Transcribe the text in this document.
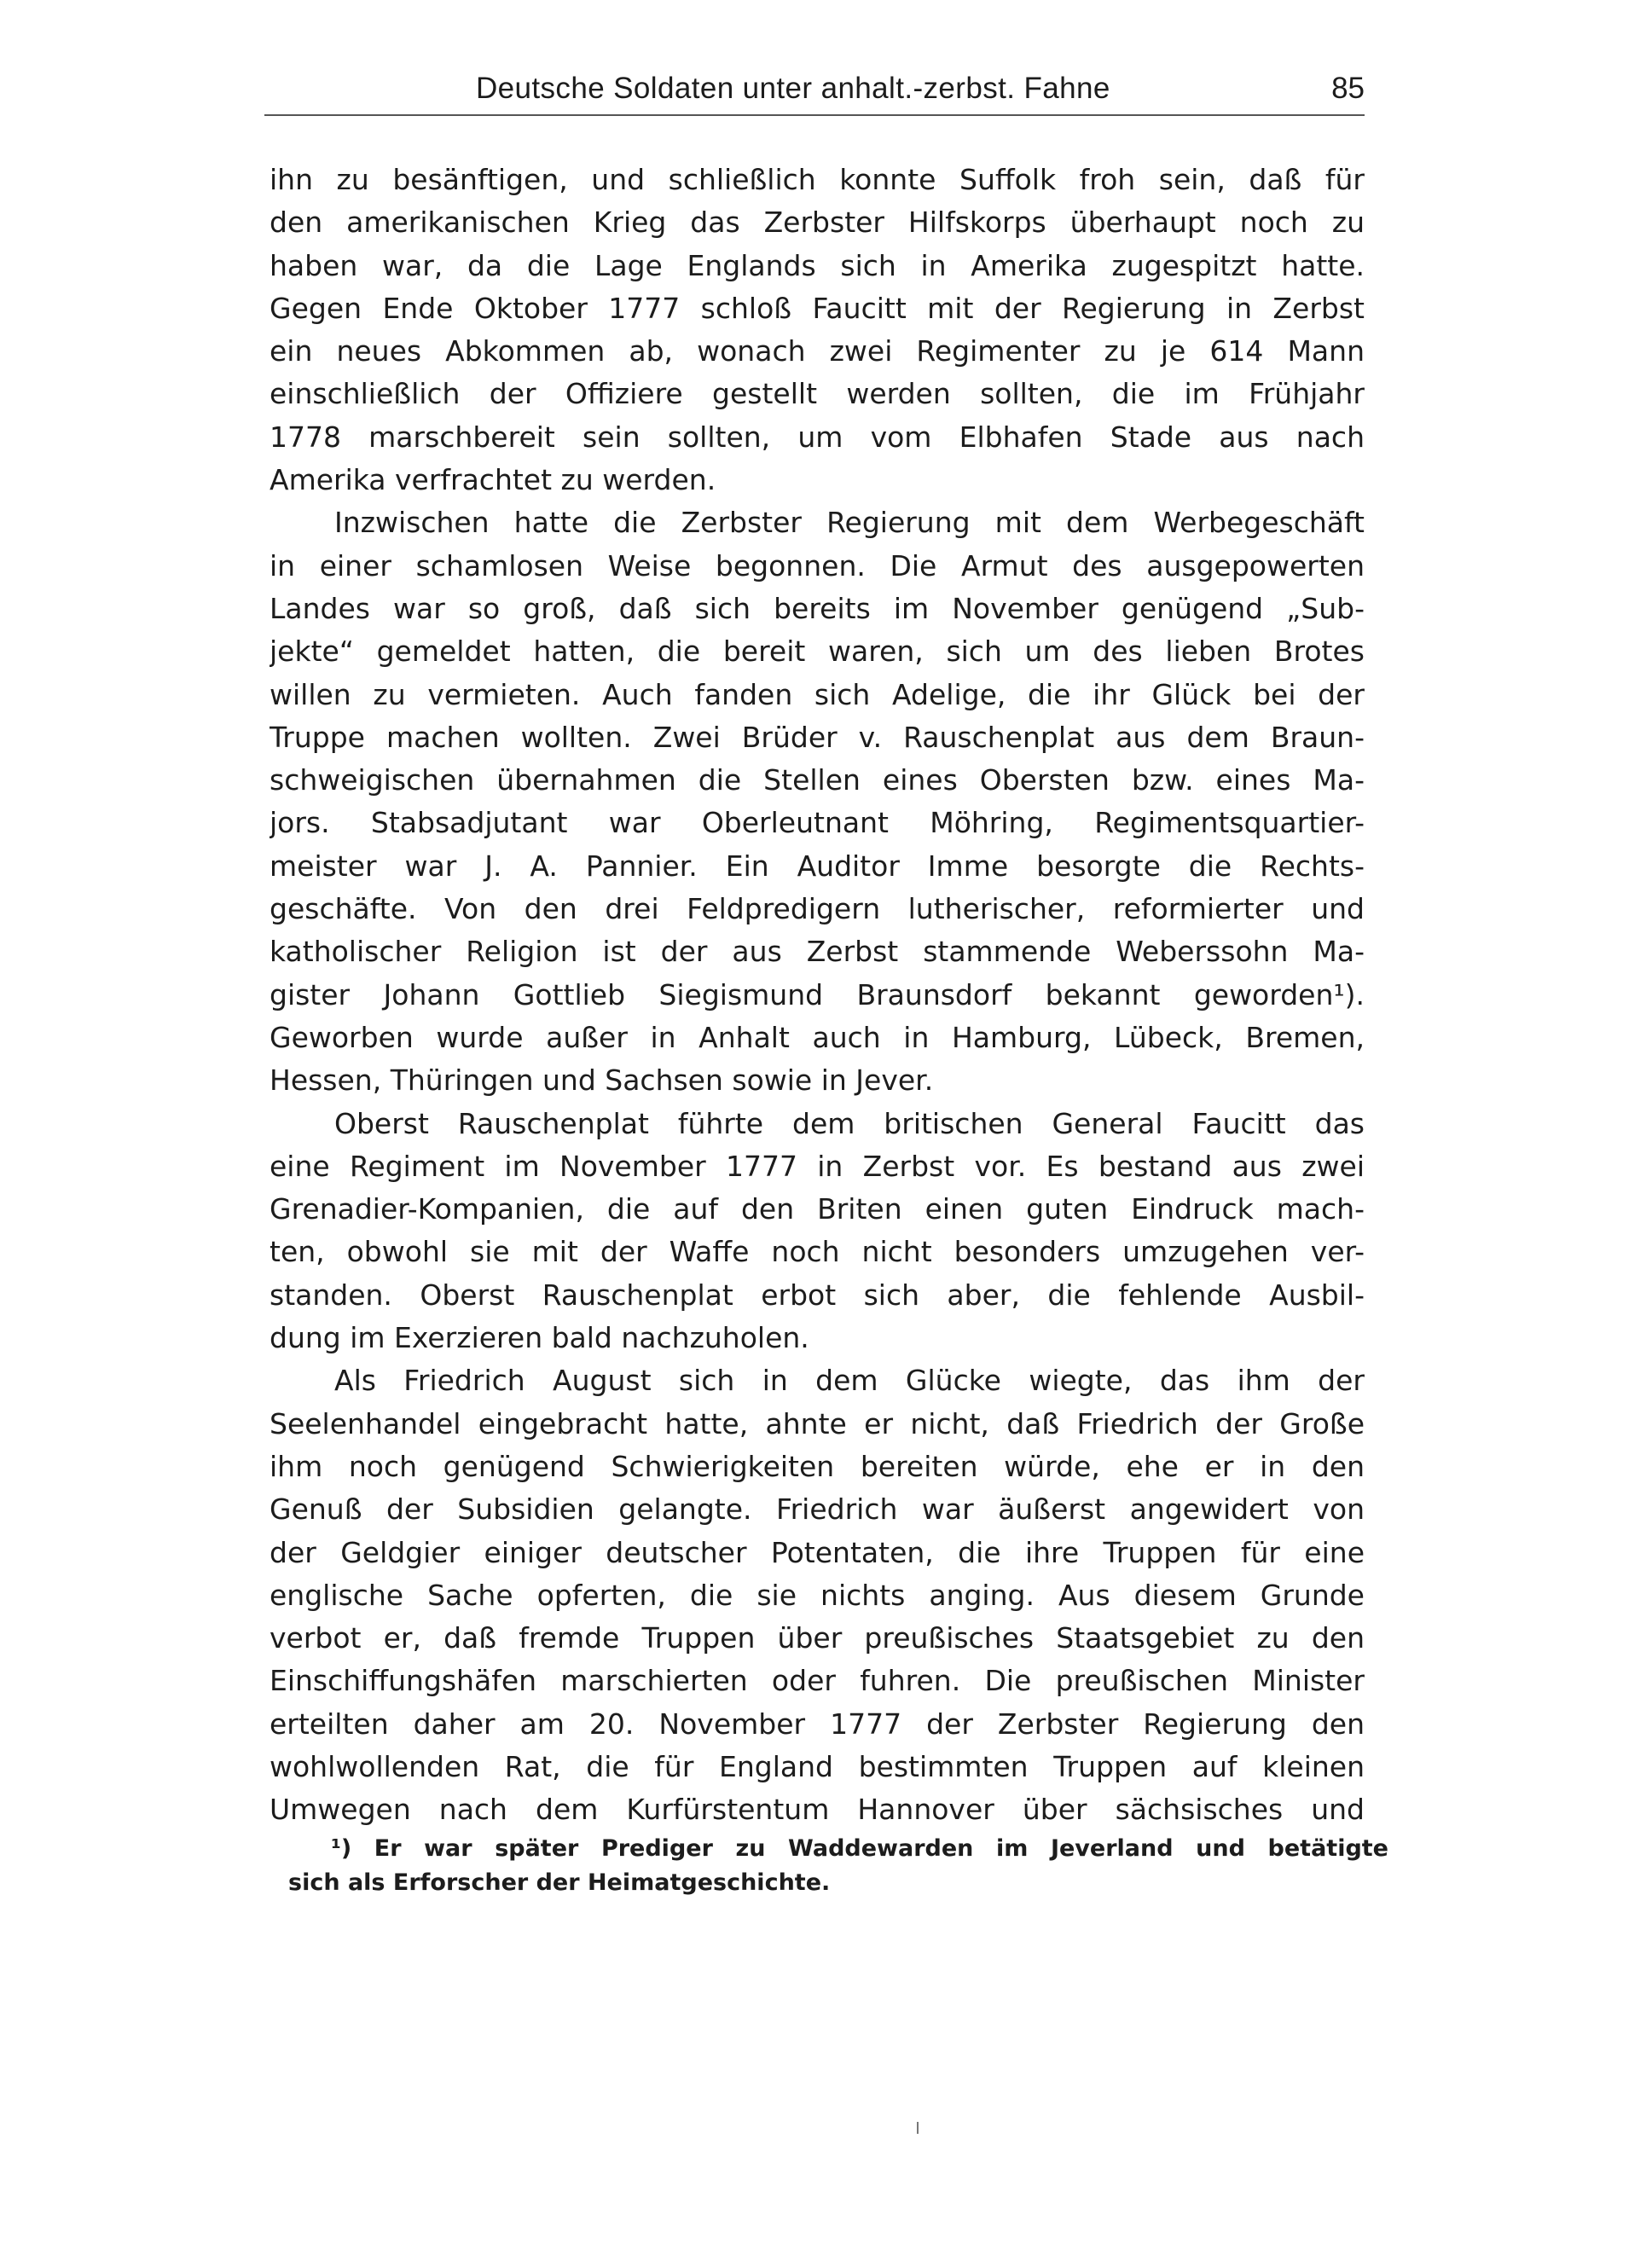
Deutsche Soldaten unter anhalt.-zerbst. Fahne	85
ihn zu besänftigen, und schließlich konnte Suffolk froh sein, daß für
den amerikanischen Krieg das Zerbster Hilfskorps überhaupt noch zu
haben war, da die Lage Englands sich in Amerika zugespitzt hatte.
Gegen Ende Oktober 1777 schloß Faucitt mit der Regierung in Zerbst
ein neues Abkommen ab, wonach zwei Regimenter zu je 614 Mann
einschließlich der Offiziere gestellt werden sollten, die im Frühjahr
1778 marschbereit sein sollten, um vom Elbhafen Stade aus nach
Amerika verfrachtet zu werden.
Inzwischen hatte die Zerbster Regierung mit dem Werbegeschäft
in einer schamlosen Weise begonnen. Die Armut des ausgepowerten
Landes war so groß, daß sich bereits im November genügend „Sub-
jekte“ gemeldet hatten, die bereit waren, sich um des lieben Brotes
willen zu vermieten. Auch fanden sich Adelige, die ihr Glück bei der
Truppe machen wollten. Zwei Brüder v. Rauschenplat aus dem Braun-
schweigischen übernahmen die Stellen eines Obersten bzw. eines Ma-
jors. Stabsadjutant war Oberleutnant Möhring, Regimentsquartier-
meister war J. A. Pannier. Ein Auditor Imme besorgte die Rechts-
geschäfte. Von den drei Feldpredigern lutherischer, reformierter und
katholischer Religion ist der aus Zerbst stammende Weberssohn Ma-
gister Johann Gottlieb Siegismund Braunsdorf bekannt geworden¹).
Geworben wurde außer in Anhalt auch in Hamburg, Lübeck, Bremen,
Hessen, Thüringen und Sachsen sowie in Jever.
Oberst Rauschenplat führte dem britischen General Faucitt das
eine Regiment im November 1777 in Zerbst vor. Es bestand aus zwei
Grenadier-Kompanien, die auf den Briten einen guten Eindruck mach-
ten, obwohl sie mit der Waffe noch nicht besonders umzugehen ver-
standen. Oberst Rauschenplat erbot sich aber, die fehlende Ausbil-
dung im Exerzieren bald nachzuholen.
Als Friedrich August sich in dem Glücke wiegte, das ihm der
Seelenhandel eingebracht hatte, ahnte er nicht, daß Friedrich der Große
ihm noch genügend Schwierigkeiten bereiten würde, ehe er in den
Genuß der Subsidien gelangte. Friedrich war äußerst angewidert von
der Geldgier einiger deutscher Potentaten, die ihre Truppen für eine
englische Sache opferten, die sie nichts anging. Aus diesem Grunde
verbot er, daß fremde Truppen über preußisches Staatsgebiet zu den
Einschiffungshäfen marschierten oder fuhren. Die preußischen Minister
erteilten daher am 20. November 1777 der Zerbster Regierung den
wohlwollenden Rat, die für England bestimmten Truppen auf kleinen
Umwegen nach dem Kurfürstentum Hannover über sächsisches und
¹) Er war später Prediger zu Waddewarden im Jeverland und betätigte
sich als Erforscher der Heimatgeschichte.
